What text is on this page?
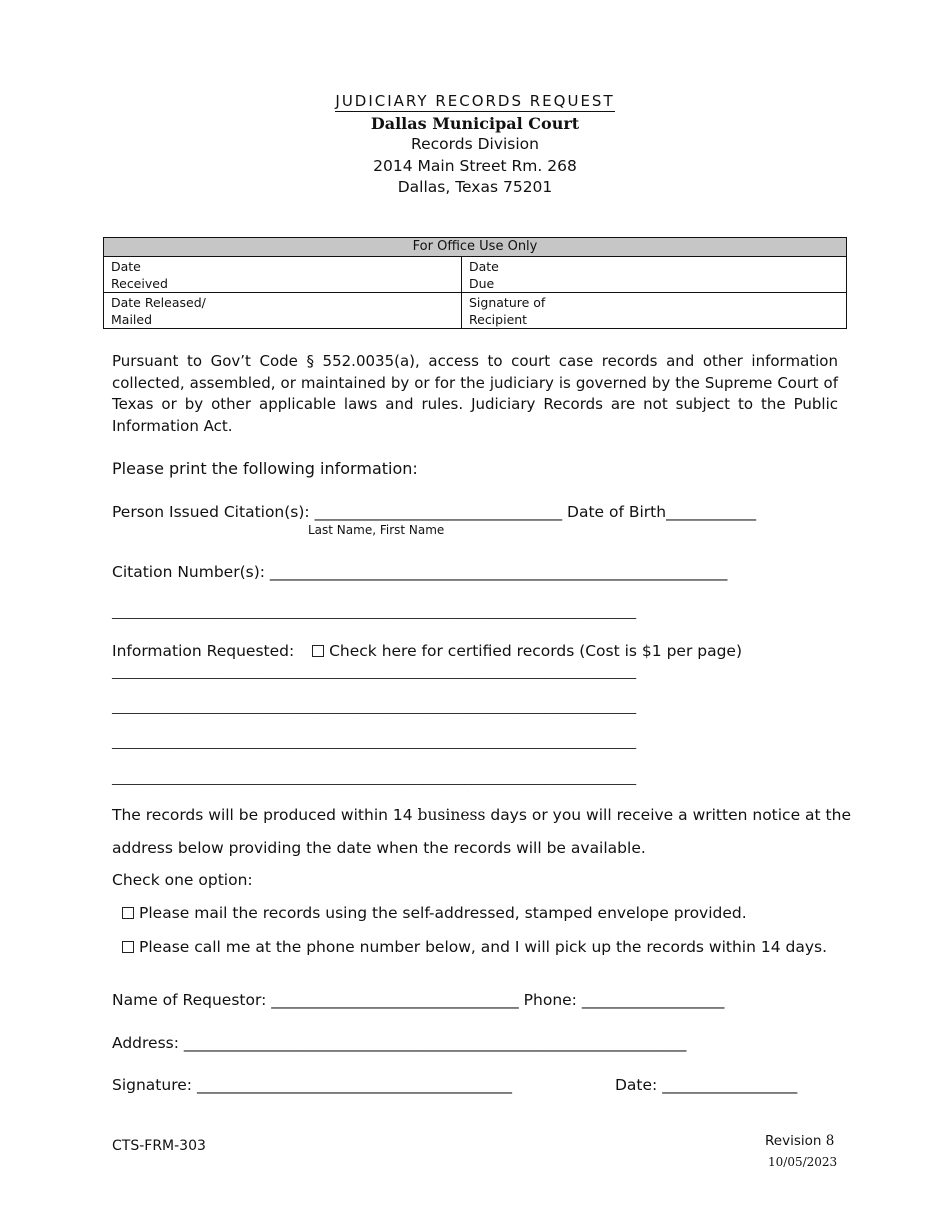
JUDICIARY RECORDS REQUEST
Dallas Municipal Court
Records Division
2014 Main Street Rm. 268
Dallas, Texas 75201
For Office Use Only
Date
Received
Date
Due
Date Released/
Mailed
Signature of
Recipient
Pursuant to Gov’t Code § 552.0035(a), access to court case records and other information collected, assembled, or maintained by or for the judiciary is governed by the Supreme Court of Texas or by other applicable laws and rules. Judiciary Records are not subject to the Public Information Act.
Please print the following information:
Person Issued Citation(s): _________________________________ Date of Birth____________
Last Name, First Name
Citation Number(s): _____________________________________________________________
______________________________________________________________________________________
Information Requested: Check here for certified records (Cost is $1 per page)
______________________________________________________________________________________
______________________________________________________________________________________
______________________________________________________________________________________
______________________________________________________________________________________
The records will be produced within 14 business days or you will receive a written notice at the
address below providing the date when the records will be available.
Check one option:
Please mail the records using the self-addressed, stamped envelope provided.
Please call me at the phone number below, and I will pick up the records within 14 days.
Name of Requestor: _________________________________ Phone: ___________________
Address: ___________________________________________________________________
Signature: __________________________________________	Date: __________________
CTS-FRM-303	Revision 8
10/05/2023
